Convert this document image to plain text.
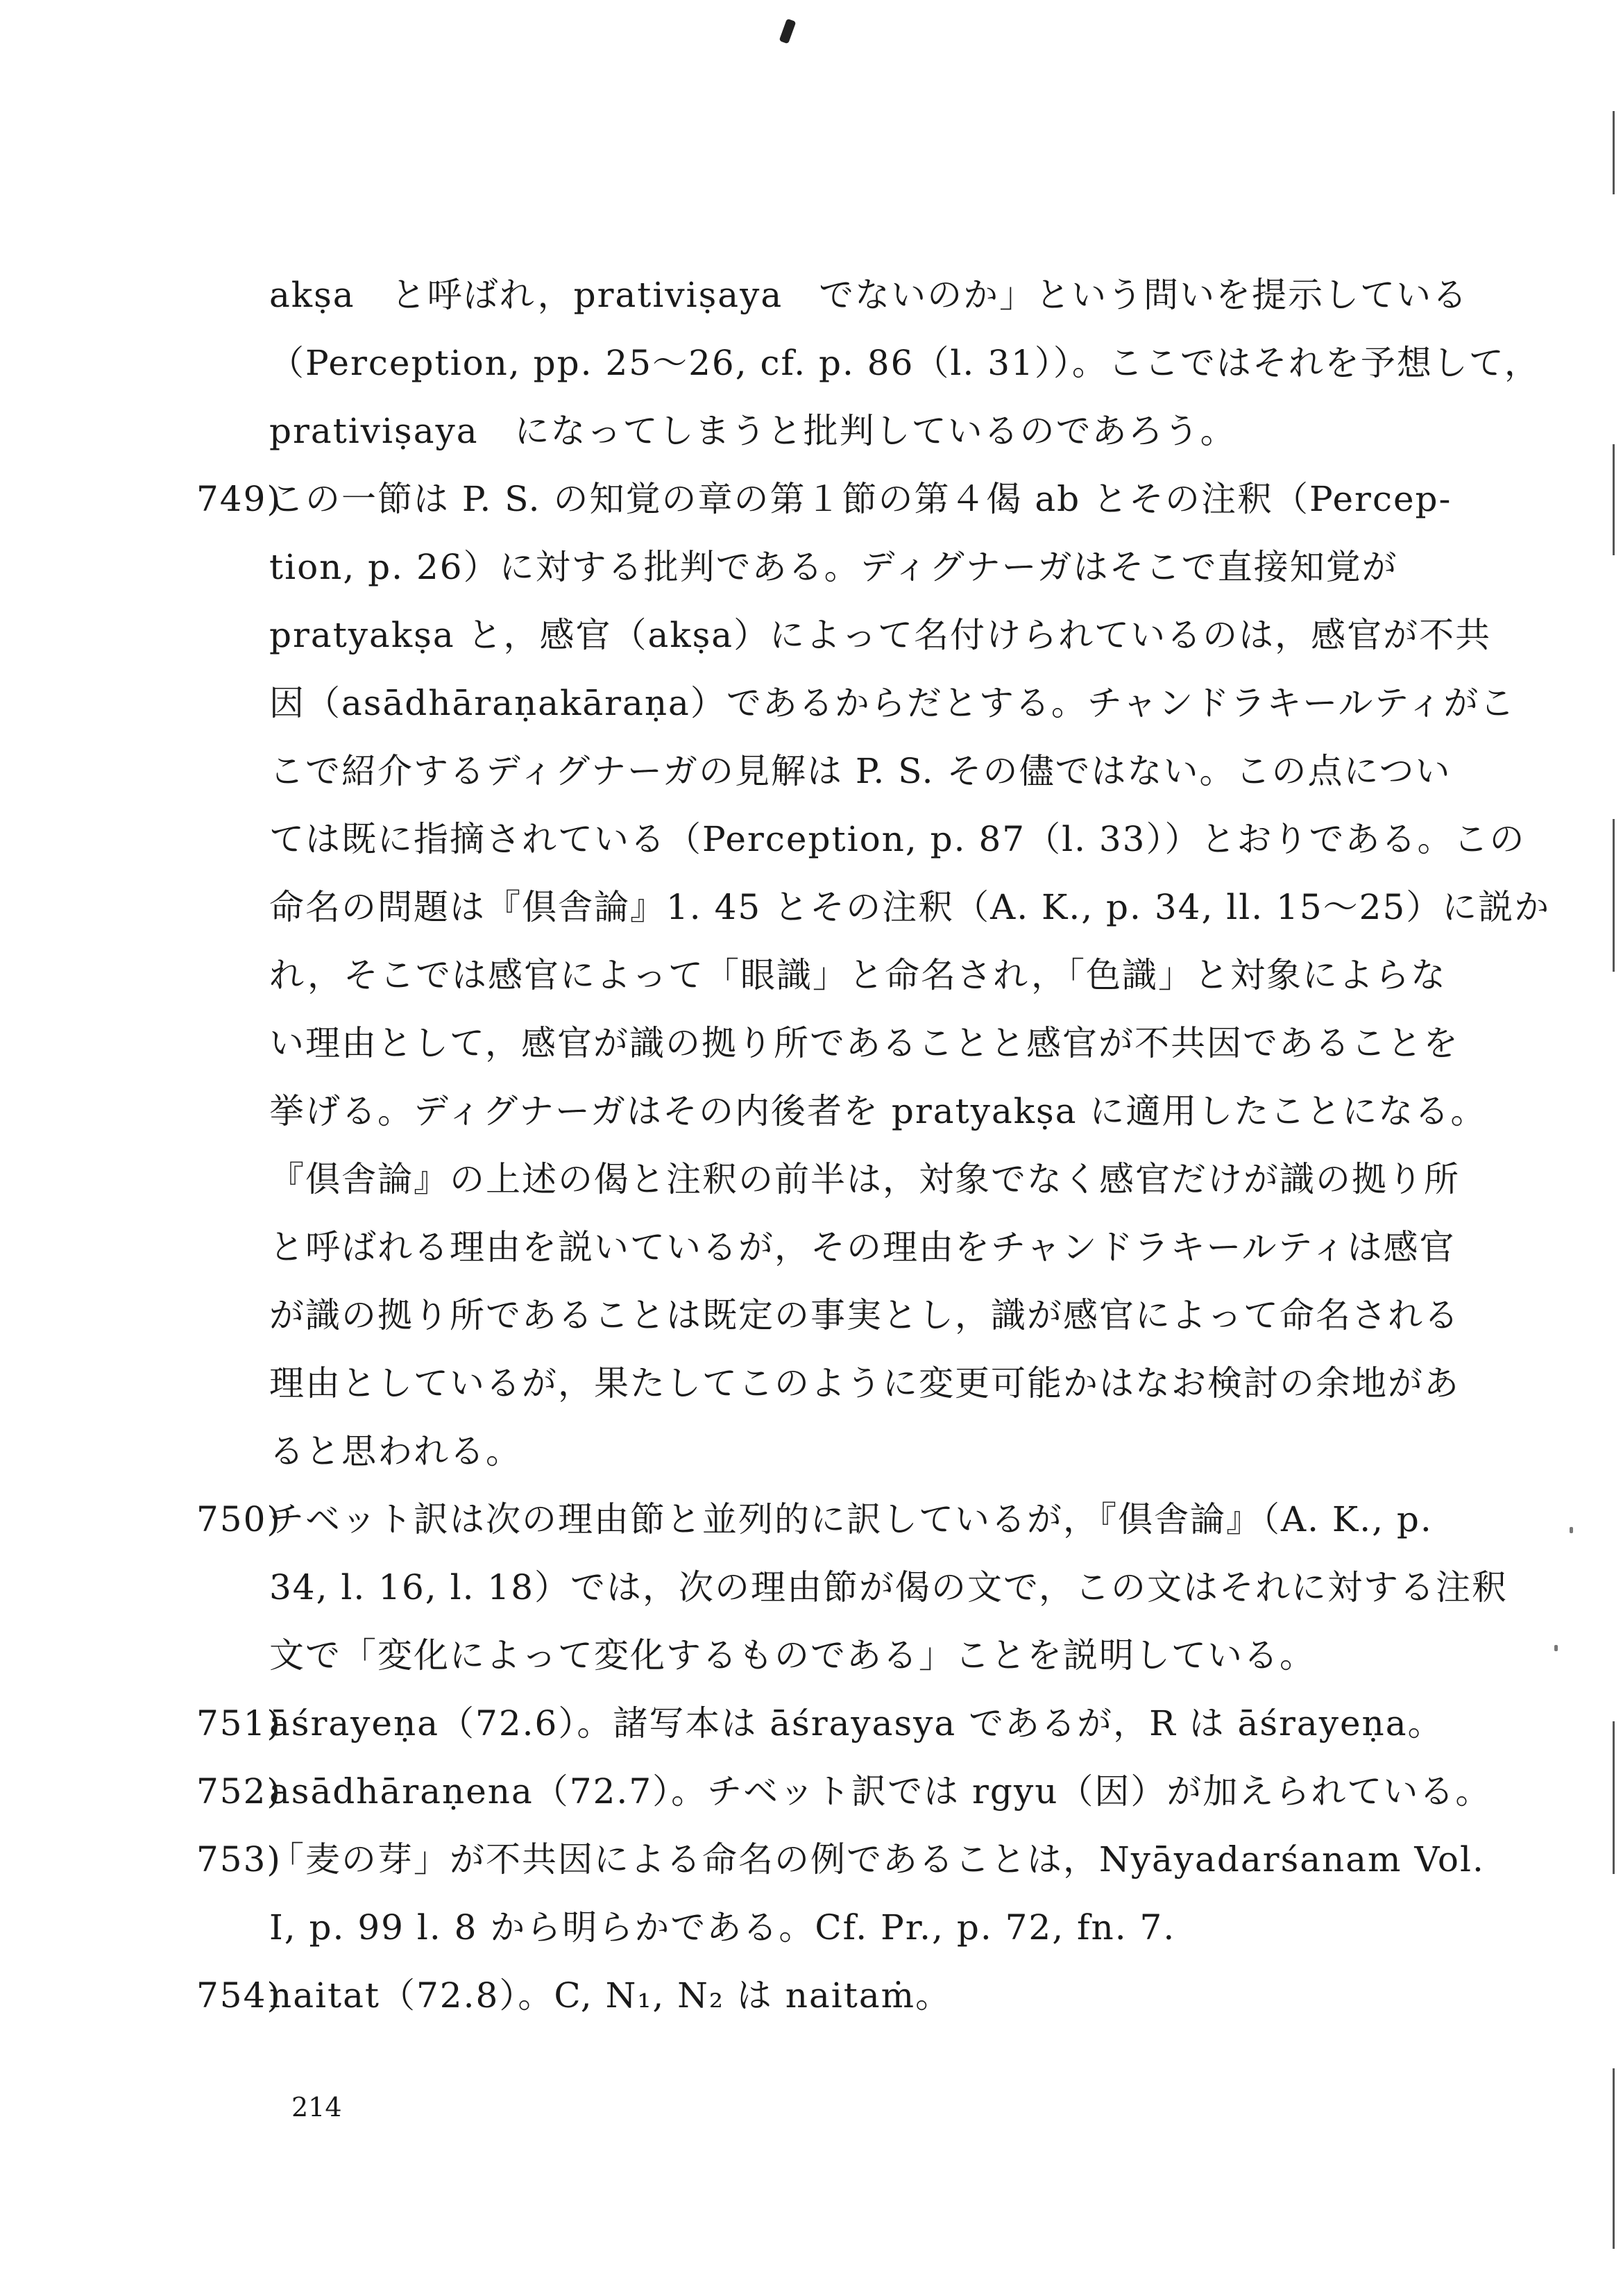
akṣa　と呼ばれ，prativiṣaya　でないのか」という問いを提示している
（Perception, pp. 25～26, cf. p. 86（l. 31））。ここではそれを予想して，
prativiṣaya　になってしまうと批判しているのであろう。
749)この一節は P. S. の知覚の章の第１節の第４偈 ab とその注釈（Percep-
tion, p. 26）に対する批判である。ディグナーガはそこで直接知覚が
pratyakṣa と，感官（akṣa）によって名付けられているのは，感官が不共
因（asādhāraṇakāraṇa）であるからだとする。チャンドラキールティがこ
こで紹介するディグナーガの見解は P. S. その儘ではない。この点につい
ては既に指摘されている（Perception, p. 87（l. 33））とおりである。この
命名の問題は『倶舎論』1. 45 とその注釈（A. K., p. 34, ll. 15～25）に説か
れ，そこでは感官によって「眼識」と命名され，「色識」と対象によらな
い理由として，感官が識の拠り所であることと感官が不共因であることを
挙げる。ディグナーガはその内後者を pratyakṣa に適用したことになる。
『倶舎論』の上述の偈と注釈の前半は，対象でなく感官だけが識の拠り所
と呼ばれる理由を説いているが，その理由をチャンドラキールティは感官
が識の拠り所であることは既定の事実とし，識が感官によって命名される
理由としているが，果たしてこのように変更可能かはなお検討の余地があ
ると思われる。
750)チベット訳は次の理由節と並列的に訳しているが，『倶舎論』（A. K., p.
34, l. 16, l. 18）では，次の理由節が偈の文で，この文はそれに対する注釈
文で「変化によって変化するものである」ことを説明している。
751)āśrayeṇa（72.6）。諸写本は āśrayasya であるが，R は āśrayeṇa。
752)asādhāraṇena（72.7）。チベット訳では rgyu（因）が加えられている。
753)「麦の芽」が不共因による命名の例であることは，Nyāyadarśanam Vol.
I, p. 99 l. 8 から明らかである。Cf. Pr., p. 72, fn. 7.
754)naitat（72.8）。C, N₁, N₂ は naitaṁ。
214
